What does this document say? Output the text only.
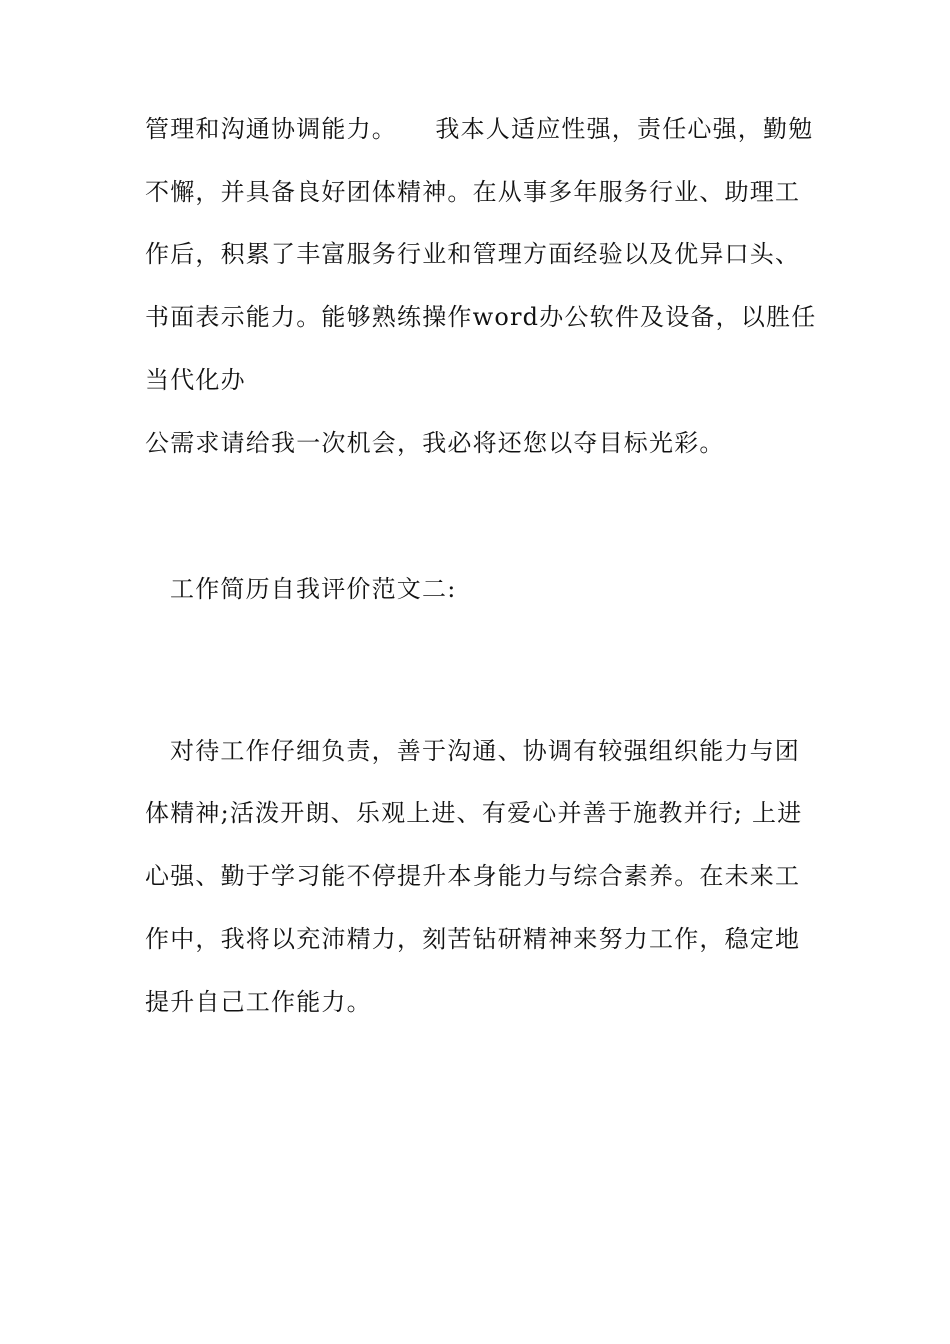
管理和沟通协调能力。　　我本人适应性强，责任心强，勤勉
不懈，并具备良好团体精神。在从事多年服务行业、助理工
作后，积累了丰富服务行业和管理方面经验以及优异口头、
书面表示能力。能够熟练操作word办公软件及设备，以胜任
当代化办
公需求请给我一次机会，我必将还您以夺目标光彩。
工作简历自我评价范文二:
对待工作仔细负责，善于沟通、协调有较强组织能力与团
体精神;活泼开朗、乐观上进、有爱心并善于施教并行; 上进
心强、勤于学习能不停提升本身能力与综合素养。在未来工
作中，我将以充沛精力，刻苦钻研精神来努力工作，稳定地
提升自己工作能力。
